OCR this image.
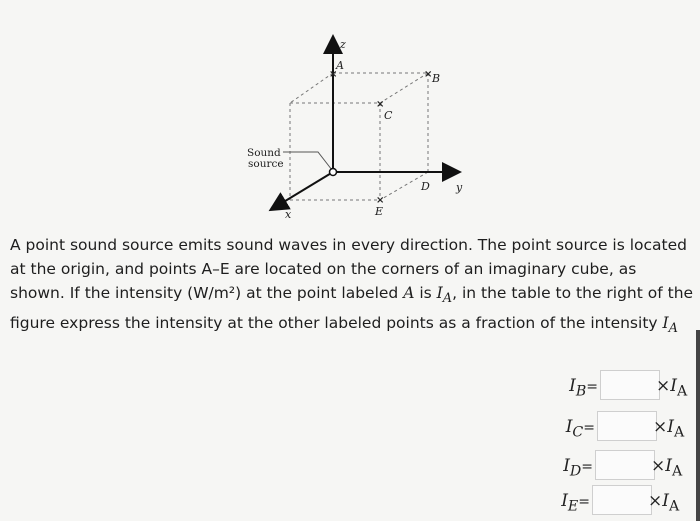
×
×
×
×
z
y
x
A
B
C
D
E
Sound
source

A point sound source emits sound waves in every direction. The point source is located at the origin, and points A–E are located on the corners of an imaginary cube, as shown. If the intensity (W/m²) at the point labeled A is $I_A$, in the table to the right of the figure express the intensity at the other labeled points as a fraction of the intensity $I_A$

$I_B=$	$\times I_A$
$I_C=$	$\times I_A$
$I_D=$	$\times I_A$
$I_E=$	$\times I_A$
